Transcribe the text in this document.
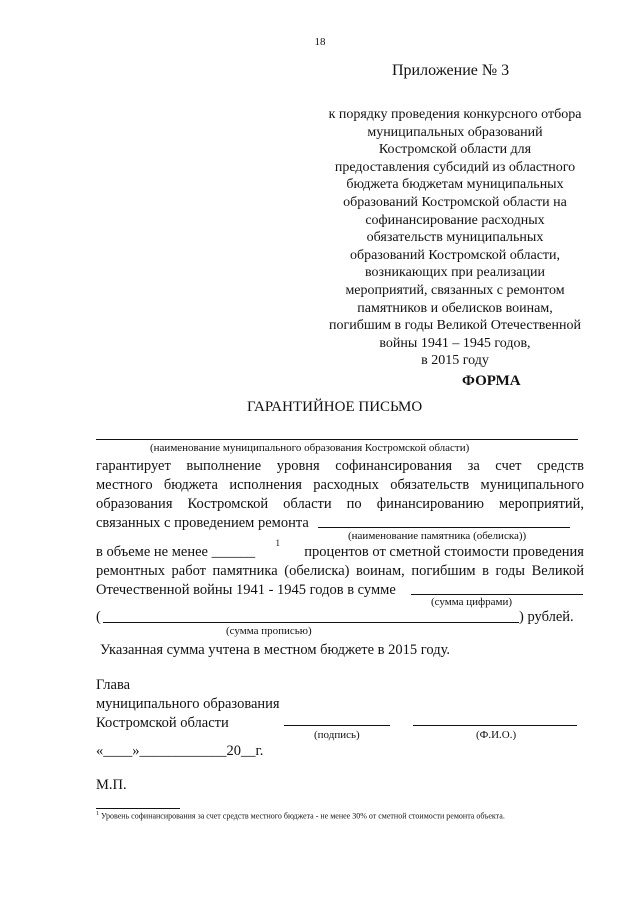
18
Приложение № 3
к порядку проведения конкурсного отбора
муниципальных образований
Костромской области для
предоставления субсидий из областного
бюджета бюджетам муниципальных
образований Костромской области на
софинансирование расходных
обязательств муниципальных
образований Костромской области,
возникающих при реализации
мероприятий, связанных с ремонтом
памятников и обелисков воинам,
погибшим в годы Великой Отечественной
войны 1941 – 1945 годов,
в 2015 году
ФОРМА
ГАРАНТИЙНОЕ ПИСЬМО
(наименование муниципального образования Костромской области)
гарантирует выполнение уровня софинансирования за счет средств
местного бюджета исполнения расходных обязательств муниципального
образования Костромской области по финансированию мероприятий,
связанных с проведением ремонта
(наименование памятника (обелиска))
в объеме не менее ______
$^1$
процентов от сметной стоимости проведения
ремонтных работ памятника (обелиска) воинам, погибшим в годы Великой
Отечественной войны 1941 - 1945 годов в сумме
(сумма цифрами)
(	) рублей.
(сумма прописью)
Указанная сумма учтена в местном бюджете в 2015 году.
Глава
муниципального образования
Костромской области
(подпись)	(Ф.И.О.)
«____»____________20__г.
М.П.
$^1$ Уровень софинансирования за счет средств местного бюджета - не менее 30% от сметной стоимости ремонта объекта.
